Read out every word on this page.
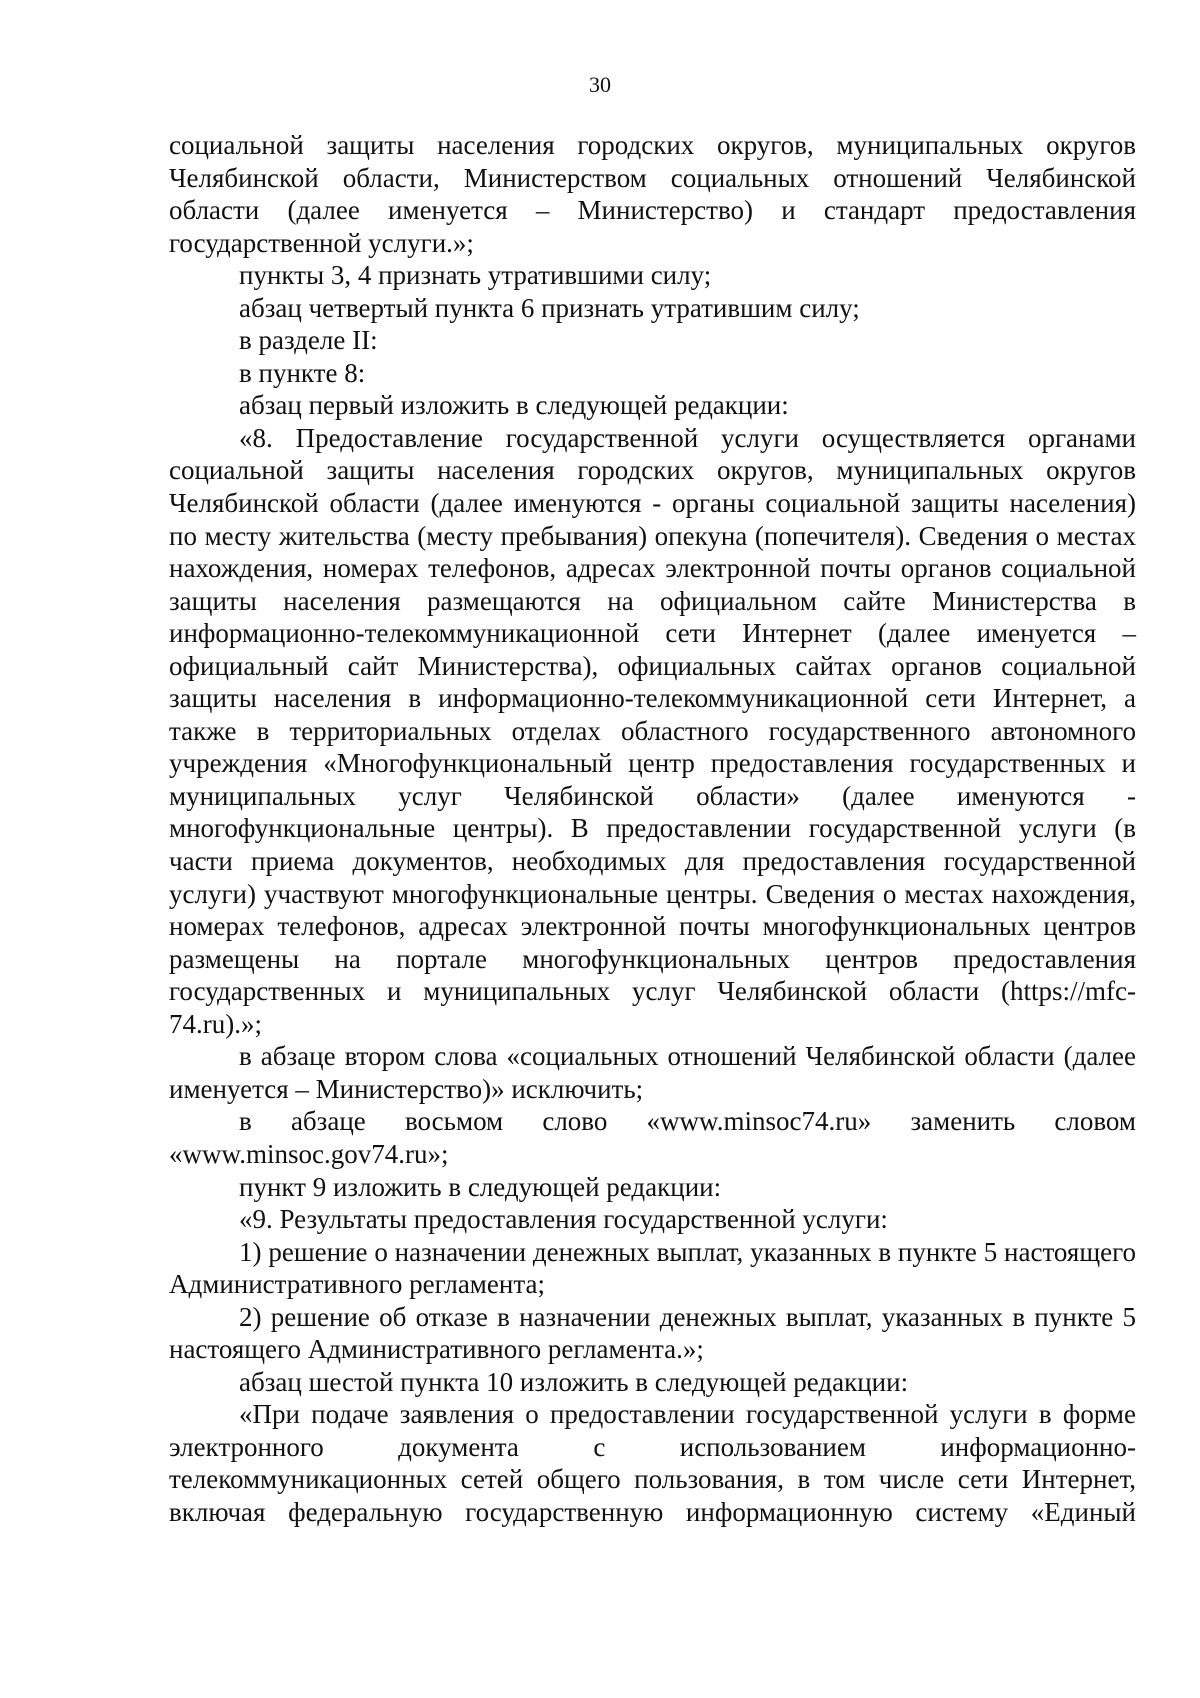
30

социальной защиты населения городских округов, муниципальных округов Челябинской области, Министерством социальных отношений Челябинской области (далее именуется – Министерство) и стандарт предоставления государственной услуги.»;

пункты 3, 4 признать утратившими силу;

абзац четвертый пункта 6 признать утратившим силу;

в разделе II:

в пункте 8:

абзац первый изложить в следующей редакции:

«8. Предоставление государственной услуги осуществляется органами социальной защиты населения городских округов, муниципальных округов Челябинской области (далее именуются - органы социальной защиты населения) по месту жительства (месту пребывания) опекуна (попечителя). Сведения о местах нахождения, номерах телефонов, адресах электронной почты органов социальной защиты населения размещаются на официальном сайте Министерства в информационно-телекоммуникационной сети Интернет (далее именуется – официальный сайт Министерства), официальных сайтах органов социальной защиты населения в информационно-телекоммуникационной сети Интернет, а также в территориальных отделах областного государственного автономного учреждения «Многофункциональный центр предоставления государственных и муниципальных услуг Челябинской области» (далее именуются - многофункциональные центры). В предоставлении государственной услуги (в части приема документов, необходимых для предоставления государственной услуги) участвуют многофункциональные центры. Сведения о местах нахождения, номерах телефонов, адресах электронной почты многофункциональных центров размещены на портале многофункциональных центров предоставления государственных и муниципальных услуг Челябинской области (https://mfc-74.ru).»;

в абзаце втором слова «социальных отношений Челябинской области (далее именуется – Министерство)» исключить;

в абзаце восьмом слово «www.minsoc74.ru» заменить словом «www.minsoc.gov74.ru»;

пункт 9 изложить в следующей редакции:

«9. Результаты предоставления государственной услуги:

1) решение о назначении денежных выплат, указанных в пункте 5 настоящего Административного регламента;

2) решение об отказе в назначении денежных выплат, указанных в пункте 5 настоящего Административного регламента.»;

абзац шестой пункта 10 изложить в следующей редакции:

«При подаче заявления о предоставлении государственной услуги в форме электронного документа с использованием информационно-телекоммуникационных сетей общего пользования, в том числе сети Интернет, включая федеральную государственную информационную систему «Единый
